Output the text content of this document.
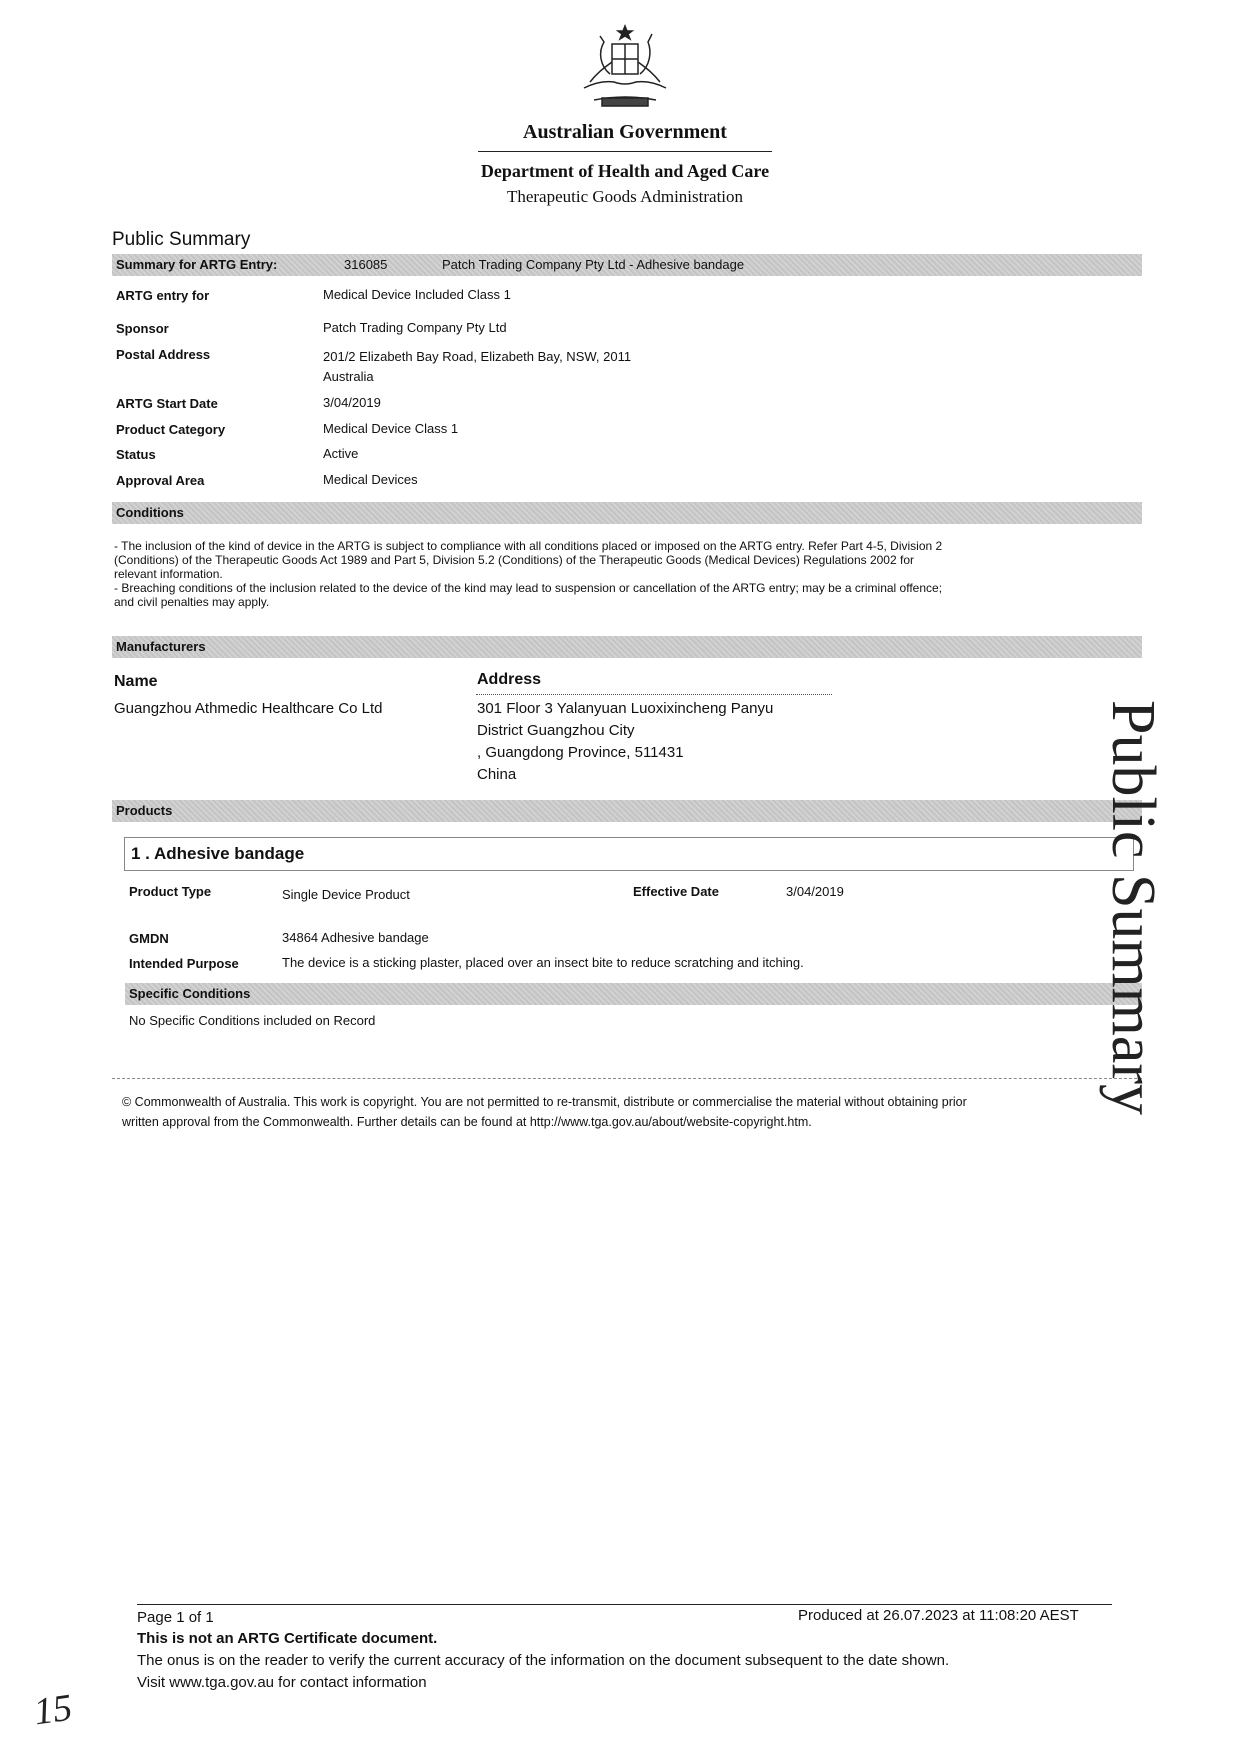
Australian Government
Department of Health and Aged Care
Therapeutic Goods Administration
Public Summary
Summary for ARTG Entry:	316085	Patch Trading Company Pty Ltd - Adhesive bandage
ARTG entry for	Medical Device Included Class 1
Sponsor	Patch Trading Company Pty Ltd
Postal Address	201/2 Elizabeth Bay Road, Elizabeth Bay, NSW, 2011
Australia
ARTG Start Date	3/04/2019
Product Category	Medical Device Class 1
Status	Active
Approval Area	Medical Devices
Conditions
- The inclusion of the kind of device in the ARTG is subject to compliance with all conditions placed or imposed on the ARTG entry. Refer Part 4-5, Division 2
(Conditions) of the Therapeutic Goods Act 1989 and Part 5, Division 5.2 (Conditions) of the Therapeutic Goods (Medical Devices) Regulations 2002 for
relevant information.
- Breaching conditions of the inclusion related to the device of the kind may lead to suspension or cancellation of the ARTG entry; may be a criminal offence;
and civil penalties may apply.
Manufacturers
Name	Address
Guangzhou Athmedic Healthcare Co Ltd	301 Floor 3 Yalanyuan Luoxixincheng Panyu
District Guangzhou City
, Guangdong Province, 511431
China
Products
1 . Adhesive bandage
Product Type	Single Device Product	Effective Date	3/04/2019
GMDN	34864 Adhesive bandage
Intended Purpose	The device is a sticking plaster, placed over an insect bite to reduce scratching and itching.
Specific Conditions
No Specific Conditions included on Record
© Commonwealth of Australia. This work is copyright. You are not permitted to re-transmit, distribute or commercialise the material without obtaining prior
written approval from the Commonwealth. Further details can be found at http://www.tga.gov.au/about/website-copyright.htm.
Public Summary
Page 1 of 1	Produced at 26.07.2023 at 11:08:20 AEST
This is not an ARTG Certificate document.
The onus is on the reader to verify the current accuracy of the information on the document subsequent to the date shown.
Visit www.tga.gov.au for contact information
15
